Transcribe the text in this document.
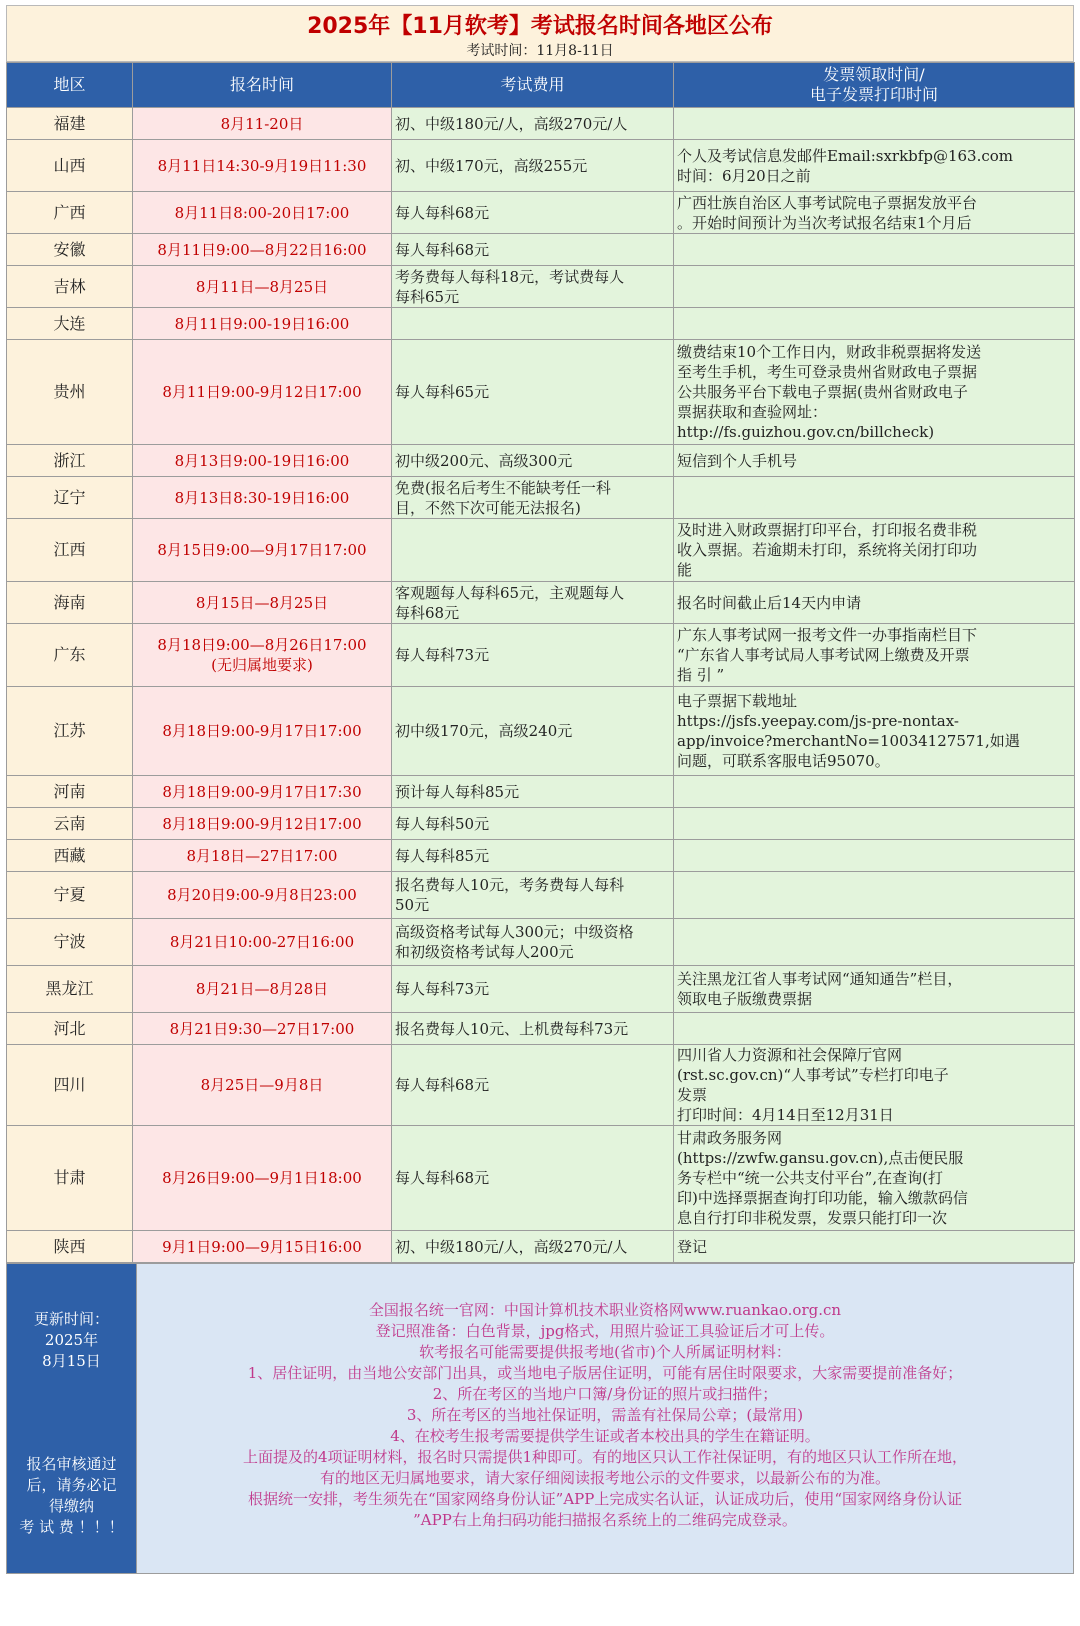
2025年【11月软考】考试报名时间各地区公布
考试时间：11月8-11日
地区	报名时间	考试费用	发票领取时间/
电子发票打印时间
福建	8月11-20日	初、中级180元/人，高级270元/人	
山西	8月11日14:30-9月19日11:30	初、中级170元，高级255元	个人及考试信息发邮件Email:sxrkbfp@163.com
时间：6月20日之前
广西	8月11日8:00-20日17:00	每人每科68元	广西壮族自治区人事考试院电子票据发放平台
。开始时间预计为当次考试报名结束1个月后
安徽	8月11日9:00—8月22日16:00	每人每科68元	
吉林	8月11日—8月25日	考务费每人每科18元，考试费每人
每科65元	
大连	8月11日9:00-19日16:00		
贵州	8月11日9:00-9月12日17:00	每人每科65元	缴费结束10个工作日内，财政非税票据将发送
至考生手机，考生可登录贵州省财政电子票据
公共服务平台下载电子票据(贵州省财政电子
票据获取和查验网址：
http://fs.guizhou.gov.cn/billcheck)
浙江	8月13日9:00-19日16:00	初中级200元、高级300元	短信到个人手机号
辽宁	8月13日8:30-19日16:00	免费(报名后考生不能缺考任一科
目，不然下次可能无法报名)	
江西	8月15日9:00—9月17日17:00		及时进入财政票据打印平台，打印报名费非税
收入票据。若逾期未打印，系统将关闭打印功
能
海南	8月15日—8月25日	客观题每人每科65元，主观题每人
每科68元	报名时间截止后14天内申请
广东	8月18日9:00—8月26日17:00
(无归属地要求)	每人每科73元	广东人事考试网一报考文件一办事指南栏目下
“广东省人事考试局人事考试网上缴费及开票
指 引 ”
江苏	8月18日9:00-9月17日17:00	初中级170元，高级240元	电子票据下载地址
https://jsfs.yeepay.com/js-pre-nontax-
app/invoice?merchantNo=10034127571,如遇
问题，可联系客服电话95070。
河南	8月18日9:00-9月17日17:30	预计每人每科85元	
云南	8月18日9:00-9月12日17:00	每人每科50元	
西藏	8月18日—27日17:00	每人每科85元	
宁夏	8月20日9:00-9月8日23:00	报名费每人10元，考务费每人每科
50元	
宁波	8月21日10:00-27日16:00	高级资格考试每人300元；中级资格
和初级资格考试每人200元	
黑龙江	8月21日—8月28日	每人每科73元	关注黑龙江省人事考试网“通知通告”栏目，
领取电子版缴费票据
河北	8月21日9:30—27日17:00	报名费每人10元、上机费每科73元	
四川	8月25日—9月8日	每人每科68元	四川省人力资源和社会保障厅官网
(rst.sc.gov.cn)“人事考试”专栏打印电子
发票
打印时间：4月14日至12月31日
甘肃	8月26日9:00—9月1日18:00	每人每科68元	甘肃政务服务网
(https://zwfw.gansu.gov.cn),点击便民服
务专栏中“统一公共支付平台”,在查询(打
印)中选择票据查询打印功能，输入缴款码信
息自行打印非税发票，发票只能打印一次
陕西	9月1日9:00—9月15日16:00	初、中级180元/人，高级270元/人	登记
更新时间：
2025年
8月15日
报名审核通过
后，请务必记
得缴纳
考 试 费 ！！！
全国报名统一官网：中国计算机技术职业资格网www.ruankao.org.cn
登记照准备：白色背景，jpg格式，用照片验证工具验证后才可上传。
软考报名可能需要提供报考地(省市)个人所属证明材料：
1、居住证明，由当地公安部门出具，或当地电子版居住证明，可能有居住时限要求，大家需要提前准备好；
2、所在考区的当地户口簿/身份证的照片或扫描件；
3、所在考区的当地社保证明，需盖有社保局公章；(最常用)
4、在校考生报考需要提供学生证或者本校出具的学生在籍证明。
上面提及的4项证明材料，报名时只需提供1种即可。有的地区只认工作社保证明，有的地区只认工作所在地，
有的地区无归属地要求，请大家仔细阅读报考地公示的文件要求，以最新公布的为准。
根据统一安排，考生须先在“国家网络身份认证”APP上完成实名认证，认证成功后，使用“国家网络身份认证
”APP右上角扫码功能扫描报名系统上的二维码完成登录。
